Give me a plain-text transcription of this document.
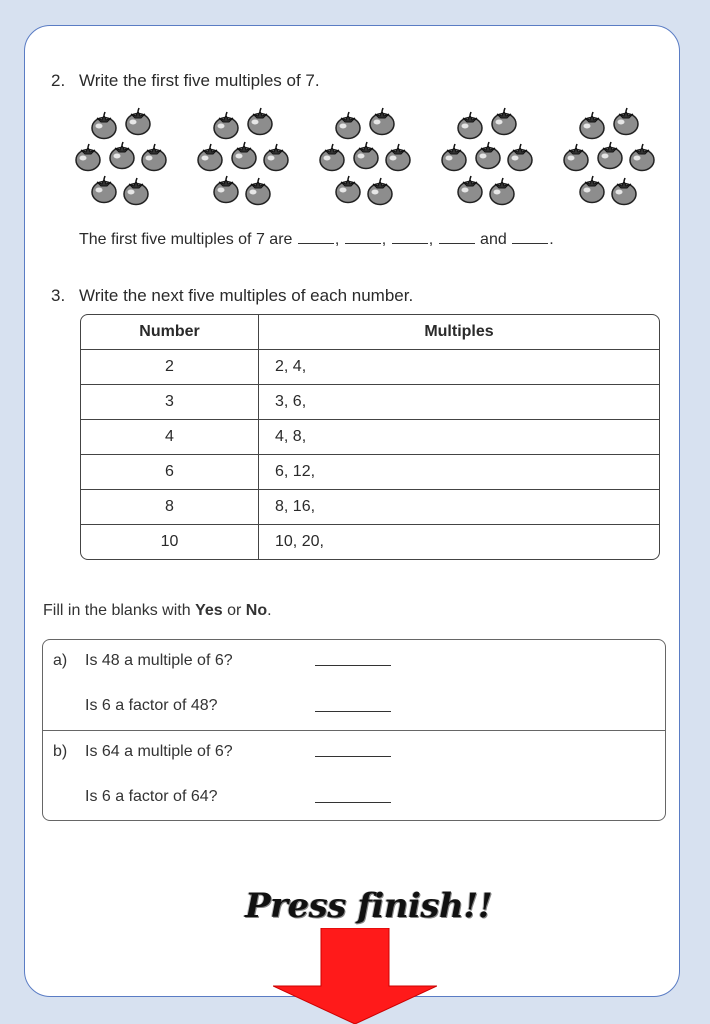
2. Write the first five multiples of 7.
The first five multiples of 7 are	,	,	,	and	.
3. Write the next five multiples of each number.
Number	Multiples
2	2, 4,
3	3, 6,
4	4, 8,
6	6, 12,
8	8, 16,
10	10, 20,
Fill in the blanks with Yes or No.
a) Is 48 a multiple of 6?
Is 6 a factor of 48?
b) Is 64 a multiple of 6?
Is 6 a factor of 64?
Press finish!!
